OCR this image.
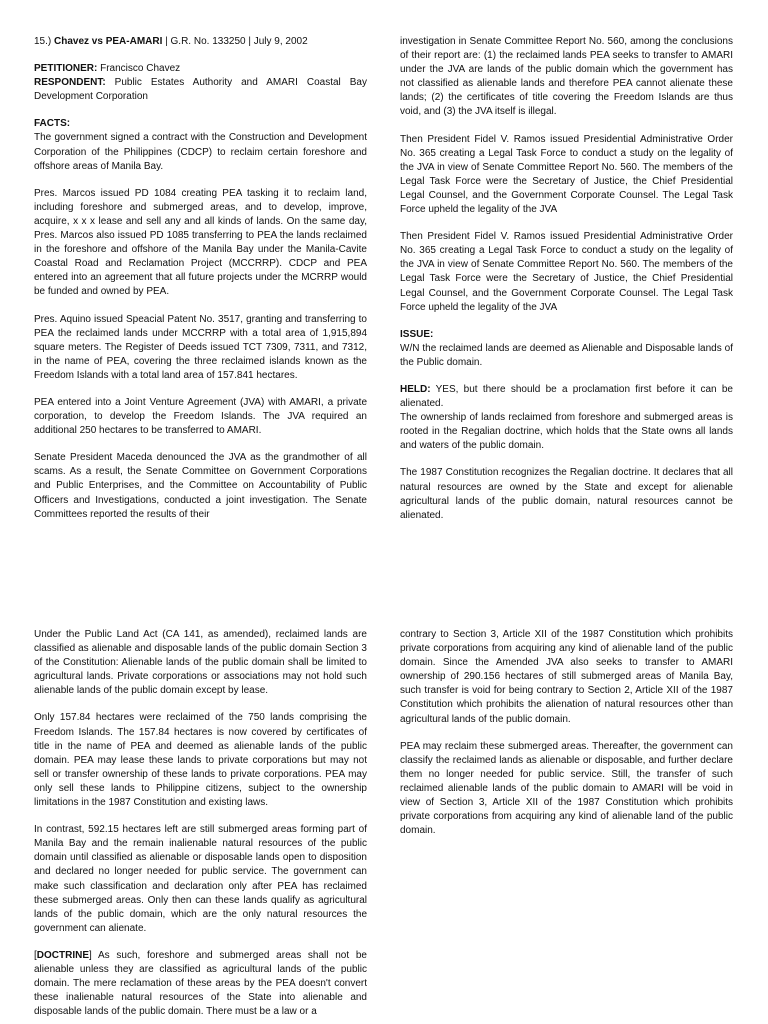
15.) Chavez vs PEA-AMARI | G.R. No. 133250 | July 9, 2002

PETITIONER: Francisco Chavez
RESPONDENT: Public Estates Authority and AMARI Coastal Bay Development Corporation

FACTS:
The government signed a contract with the Construction and Development Corporation of the Philippines (CDCP) to reclaim certain foreshore and offshore areas of Manila Bay.

Pres. Marcos issued PD 1084 creating PEA tasking it to reclaim land, including foreshore and submerged areas, and to develop, improve, acquire, x x x lease and sell any and all kinds of lands. On the same day, Pres. Marcos also issued PD 1085 transferring to PEA the lands reclaimed in the foreshore and offshore of the Manila Bay under the Manila-Cavite Coastal Road and Reclamation Project (MCCRRP). CDCP and PEA entered into an agreement that all future projects under the MCRRP would be funded and owned by PEA.

Pres. Aquino issued Speacial Patent No. 3517, granting and transferring to PEA the reclaimed lands under MCCRRP with a total area of 1,915,894 square meters. The Register of Deeds issued TCT 7309, 7311, and 7312, in the name of PEA, covering the three reclaimed islands known as the Freedom Islands with a total land area of 157.841 hectares.

PEA entered into a Joint Venture Agreement (JVA) with AMARI, a private corporation, to develop the Freedom Islands. The JVA required an additional 250 hectares to be transferred to AMARI.

Senate President Maceda denounced the JVA as the grandmother of all scams. As a result, the Senate Committee on Government Corporations and Public Enterprises, and the Committee on Accountability of Public Officers and Investigations, conducted a joint investigation. The Senate Committees reported the results of their

investigation in Senate Committee Report No. 560, among the conclusions of their report are: (1) the reclaimed lands PEA seeks to transfer to AMARI under the JVA are lands of the public domain which the government has not classified as alienable lands and therefore PEA cannot alienate these lands; (2) the certificates of title covering the Freedom Islands are thus void, and (3) the JVA itself is illegal.

Then President Fidel V. Ramos issued Presidential Administrative Order No. 365 creating a Legal Task Force to conduct a study on the legality of the JVA in view of Senate Committee Report No. 560. The members of the Legal Task Force were the Secretary of Justice, the Chief Presidential Legal Counsel, and the Government Corporate Counsel. The Legal Task Force upheld the legality of the JVA

Then President Fidel V. Ramos issued Presidential Administrative Order No. 365 creating a Legal Task Force to conduct a study on the legality of the JVA in view of Senate Committee Report No. 560. The members of the Legal Task Force were the Secretary of Justice, the Chief Presidential Legal Counsel, and the Government Corporate Counsel. The Legal Task Force upheld the legality of the JVA

ISSUE:
W/N the reclaimed lands are deemed as Alienable and Disposable lands of the Public domain.

HELD: YES, but there should be a proclamation first before it can be alienated.
The ownership of lands reclaimed from foreshore and submerged areas is rooted in the Regalian doctrine, which holds that the State owns all lands and waters of the public domain.

The 1987 Constitution recognizes the Regalian doctrine. It declares that all natural resources are owned by the State and except for alienable agricultural lands of the public domain, natural resources cannot be alienated.

Under the Public Land Act (CA 141, as amended), reclaimed lands are classified as alienable and disposable lands of the public domain Section 3 of the Constitution: Alienable lands of the public domain shall be limited to agricultural lands. Private corporations or associations may not hold such alienable lands of the public domain except by lease.

Only 157.84 hectares were reclaimed of the 750 lands comprising the Freedom Islands. The 157.84 hectares is now covered by certificates of title in the name of PEA and deemed as alienable lands of the public domain. PEA may lease these lands to private corporations but may not sell or transfer ownership of these lands to private corporations. PEA may only sell these lands to Philippine citizens, subject to the ownership limitations in the 1987 Constitution and existing laws.

In contrast, 592.15 hectares left are still submerged areas forming part of Manila Bay and the remain inalienable natural resources of the public domain until classified as alienable or disposable lands open to disposition and declared no longer needed for public service. The government can make such classification and declaration only after PEA has reclaimed these submerged areas. Only then can these lands qualify as agricultural lands of the public domain, which are the only natural resources the government can alienate.

[DOCTRINE] As such, foreshore and submerged areas shall not be alienable unless they are classified as agricultural lands of the public domain. The mere reclamation of these areas by the PEA doesn't convert these inalienable natural resources of the State into alienable and disposable lands of the public domain. There must be a law or a

contrary to Section 3, Article XII of the 1987 Constitution which prohibits private corporations from acquiring any kind of alienable land of the public domain. Since the Amended JVA also seeks to transfer to AMARI ownership of 290.156 hectares of still submerged areas of Manila Bay, such transfer is void for being contrary to Section 2, Article XII of the 1987 Constitution which prohibits the alienation of natural resources other than agricultural lands of the public domain.

PEA may reclaim these submerged areas. Thereafter, the government can classify the reclaimed lands as alienable or disposable, and further declare them no longer needed for public service. Still, the transfer of such reclaimed alienable lands of the public domain to AMARI will be void in view of Section 3, Article XII of the 1987 Constitution which prohibits private corporations from acquiring any kind of alienable land of the public domain.
